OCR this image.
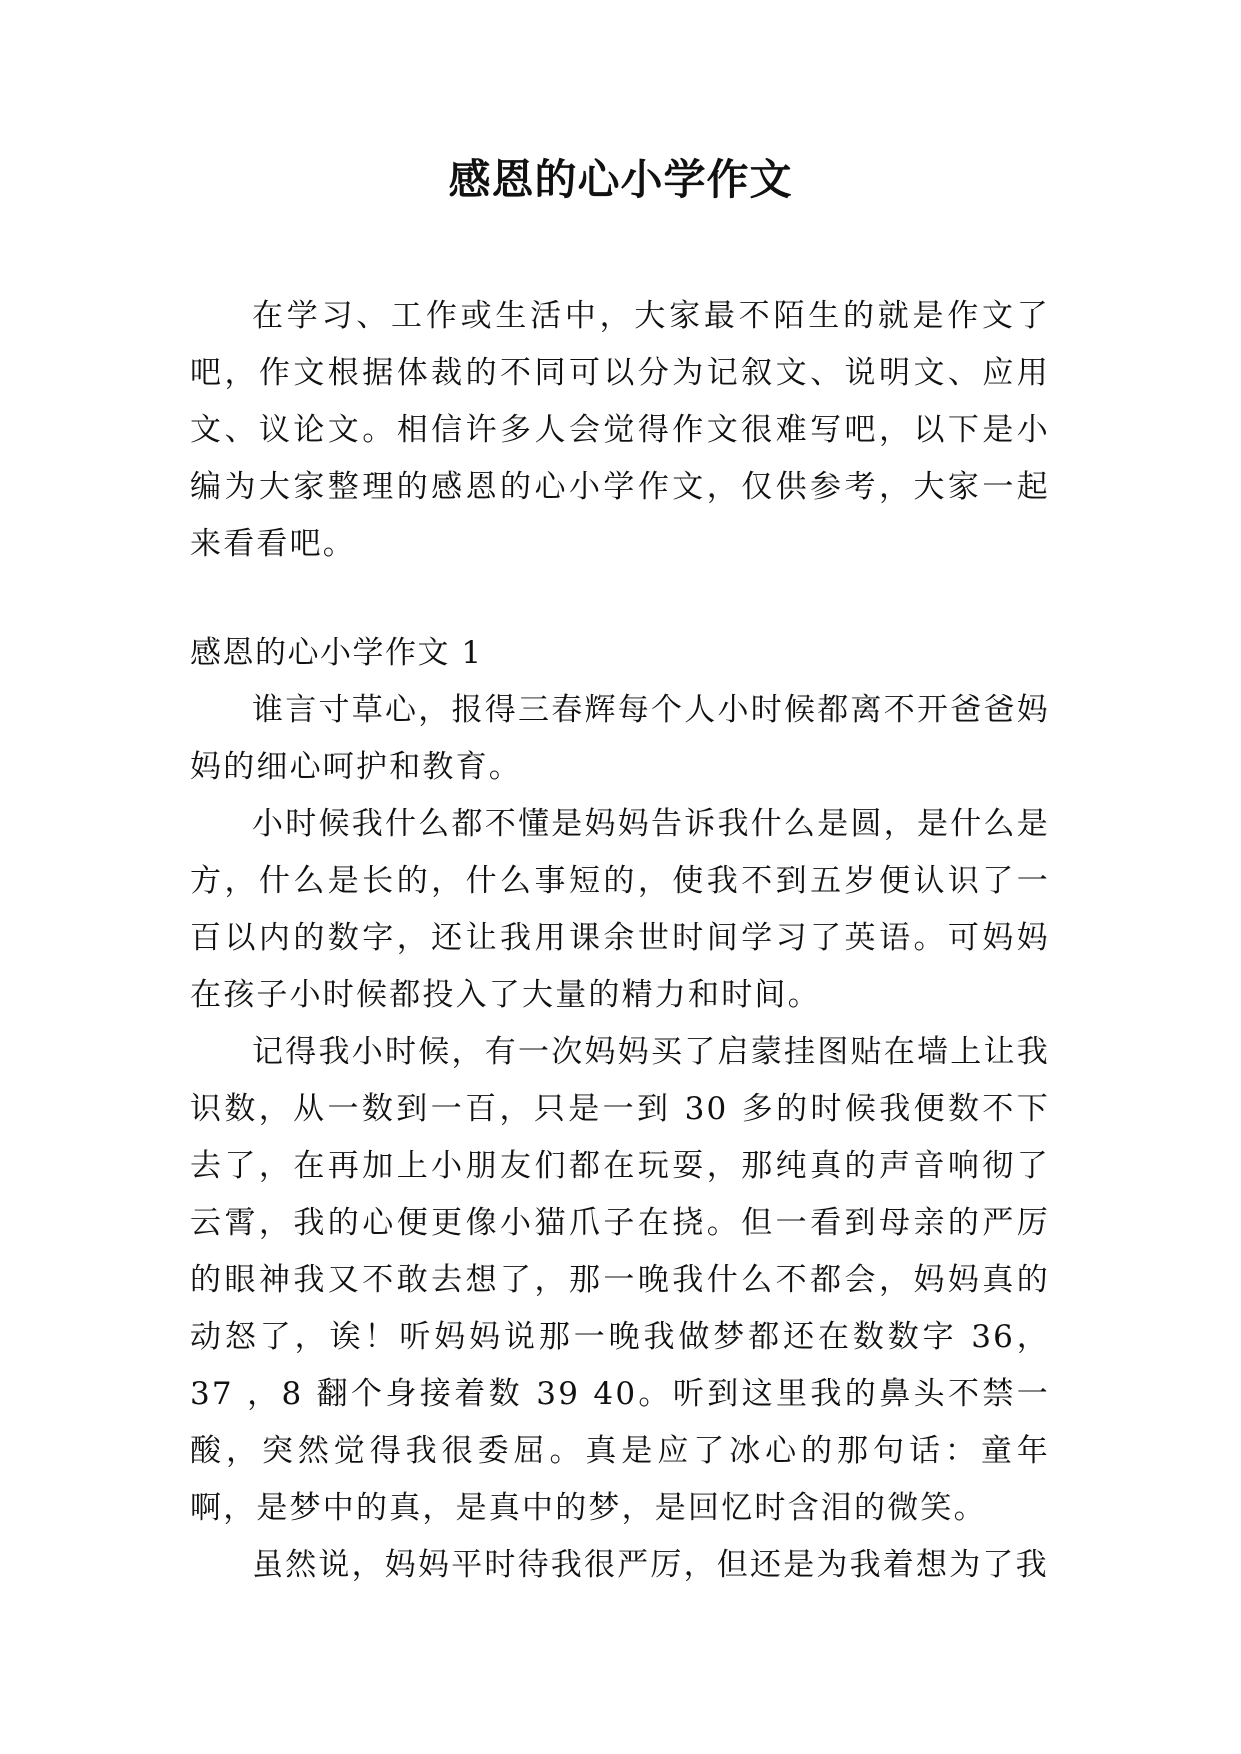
感恩的心小学作文

在学习、工作或生活中，大家最不陌生的就是作文了吧，作文根据体裁的不同可以分为记叙文、说明文、应用文、议论文。相信许多人会觉得作文很难写吧，以下是小编为大家整理的感恩的心小学作文，仅供参考，大家一起来看看吧。

感恩的心小学作文 1

谁言寸草心，报得三春辉每个人小时候都离不开爸爸妈妈的细心呵护和教育。

小时候我什么都不懂是妈妈告诉我什么是圆，是什么是方，什么是长的，什么事短的，使我不到五岁便认识了一百以内的数字，还让我用课余世时间学习了英语。可妈妈在孩子小时候都投入了大量的精力和时间。

记得我小时候，有一次妈妈买了启蒙挂图贴在墙上让我识数，从一数到一百，只是一到 30 多的时候我便数不下去了，在再加上小朋友们都在玩耍，那纯真的声音响彻了云霄，我的心便更像小猫爪子在挠。但一看到母亲的严厉的眼神我又不敢去想了，那一晚我什么不都会，妈妈真的动怒了，诶！听妈妈说那一晚我做梦都还在数数字 36，37 ，8 翻个身接着数 39 40。听到这里我的鼻头不禁一酸，突然觉得我很委屈。真是应了冰心的那句话：童年啊，是梦中的真，是真中的梦，是回忆时含泪的微笑。

虽然说，妈妈平时待我很严厉，但还是为我着想为了我
